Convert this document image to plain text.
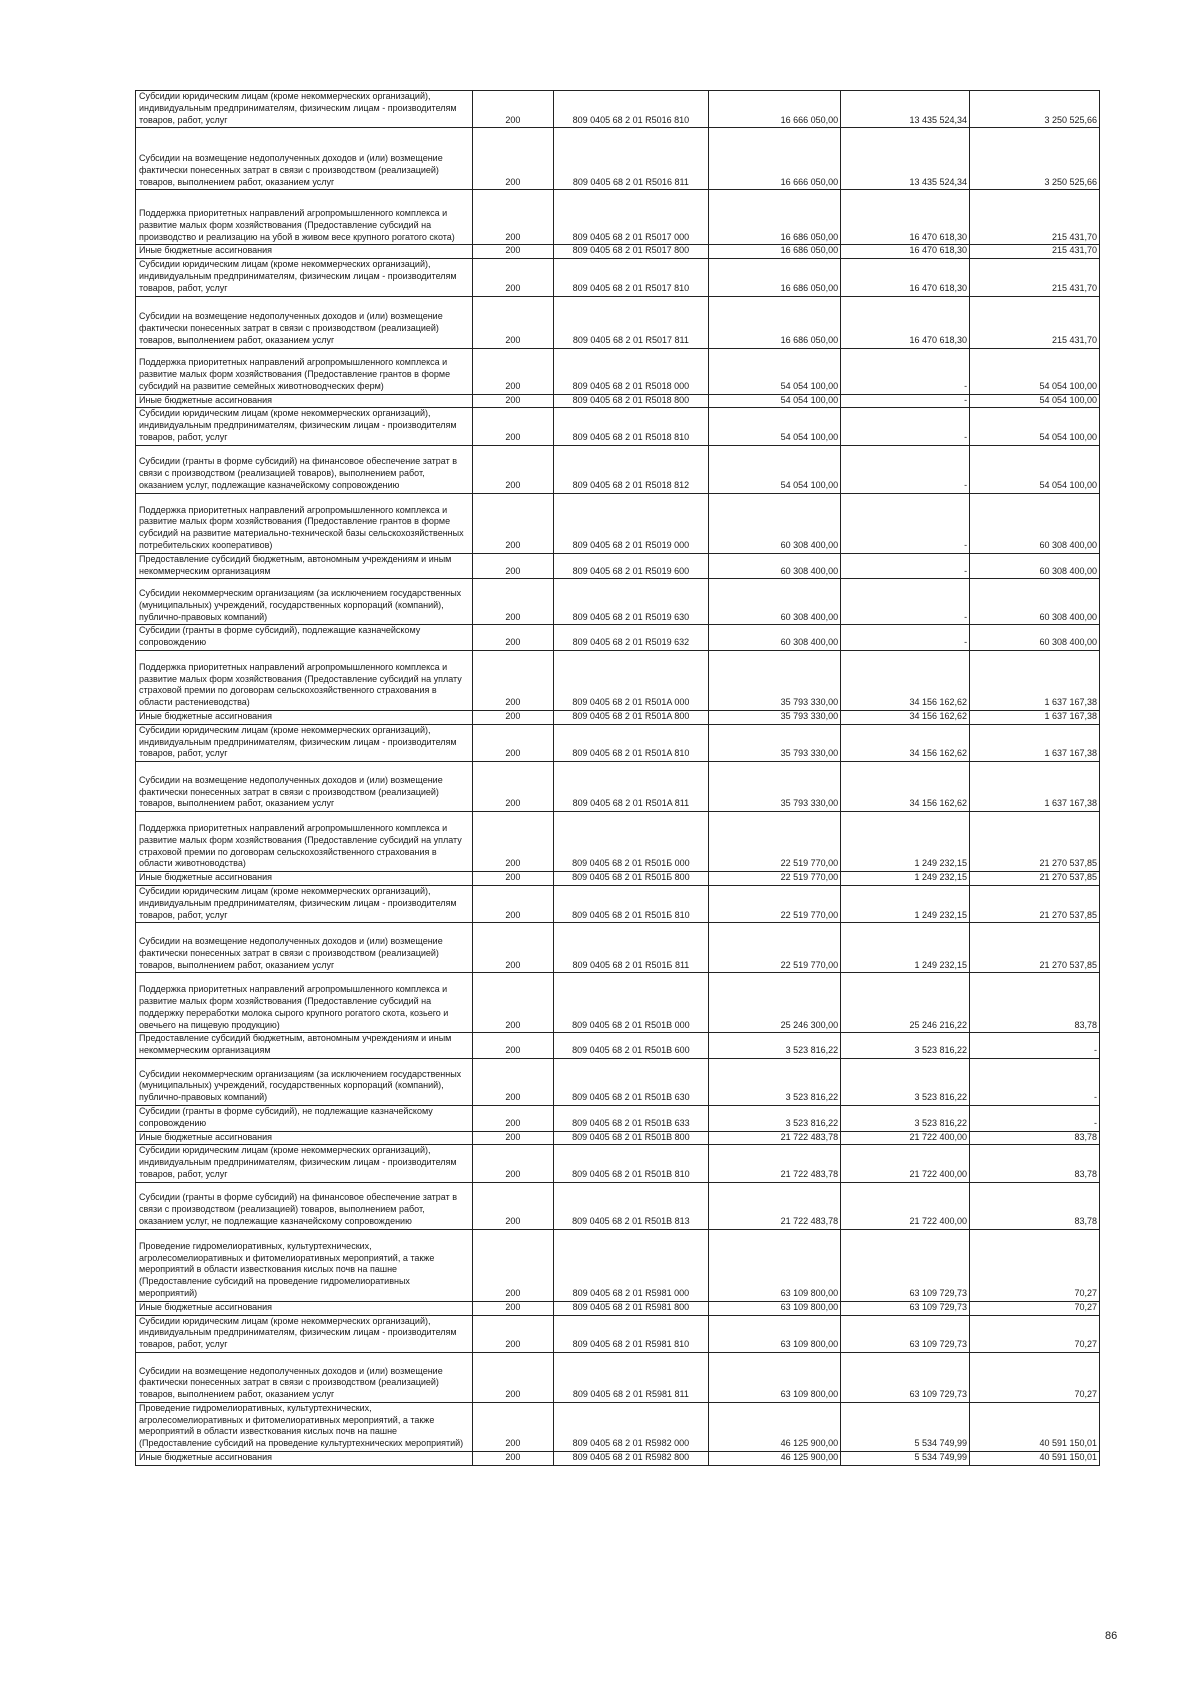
Субсидии юридическим лицам (кроме некоммерческих организаций), индивидуальным предпринимателям, физическим лицам - производителям товаров, работ, услуг	200	809 0405 68 2 01 R5016 810	16 666 050,00	13 435 524,34	3 250 525,66
Субсидии на возмещение недополученных доходов и (или) возмещение фактически понесенных затрат в связи с производством (реализацией) товаров, выполнением работ, оказанием услуг	200	809 0405 68 2 01 R5016 811	16 666 050,00	13 435 524,34	3 250 525,66
Поддержка приоритетных направлений агропромышленного комплекса и развитие малых форм хозяйствования (Предоставление субсидий на производство и реализацию на убой в живом весе крупного рогатого скота)	200	809 0405 68 2 01 R5017 000	16 686 050,00	16 470 618,30	215 431,70
Иные бюджетные ассигнования	200	809 0405 68 2 01 R5017 800	16 686 050,00	16 470 618,30	215 431,70
Субсидии юридическим лицам (кроме некоммерческих организаций), индивидуальным предпринимателям, физическим лицам - производителям товаров, работ, услуг	200	809 0405 68 2 01 R5017 810	16 686 050,00	16 470 618,30	215 431,70
Субсидии на возмещение недополученных доходов и (или) возмещение фактически понесенных затрат в связи с производством (реализацией) товаров, выполнением работ, оказанием услуг	200	809 0405 68 2 01 R5017 811	16 686 050,00	16 470 618,30	215 431,70
Поддержка приоритетных направлений агропромышленного комплекса и развитие малых форм хозяйствования (Предоставление грантов в форме субсидий на развитие семейных животноводческих ферм)	200	809 0405 68 2 01 R5018 000	54 054 100,00	-	54 054 100,00
Иные бюджетные ассигнования	200	809 0405 68 2 01 R5018 800	54 054 100,00	-	54 054 100,00
Субсидии юридическим лицам (кроме некоммерческих организаций), индивидуальным предпринимателям, физическим лицам - производителям товаров, работ, услуг	200	809 0405 68 2 01 R5018 810	54 054 100,00	-	54 054 100,00
Субсидии (гранты в форме субсидий) на финансовое обеспечение затрат в связи с производством (реализацией товаров), выполнением работ, оказанием услуг, подлежащие казначейскому сопровождению	200	809 0405 68 2 01 R5018 812	54 054 100,00	-	54 054 100,00
Поддержка приоритетных направлений агропромышленного комплекса и развитие малых форм хозяйствования (Предоставление грантов в форме субсидий на развитие материально-технической базы сельскохозяйственных потребительских кооперативов)	200	809 0405 68 2 01 R5019 000	60 308 400,00	-	60 308 400,00
Предоставление субсидий бюджетным, автономным учреждениям и иным некоммерческим организациям	200	809 0405 68 2 01 R5019 600	60 308 400,00	-	60 308 400,00
Субсидии некоммерческим организациям (за исключением государственных (муниципальных) учреждений, государственных корпораций (компаний), публично-правовых компаний)	200	809 0405 68 2 01 R5019 630	60 308 400,00	-	60 308 400,00
Субсидии (гранты в форме субсидий), подлежащие казначейскому сопровождению	200	809 0405 68 2 01 R5019 632	60 308 400,00	-	60 308 400,00
Поддержка приоритетных направлений агропромышленного комплекса и развитие малых форм хозяйствования (Предоставление субсидий на уплату страховой премии по договорам сельскохозяйственного страхования в области растениеводства)	200	809 0405 68 2 01 R501A 000	35 793 330,00	34 156 162,62	1 637 167,38
Иные бюджетные ассигнования	200	809 0405 68 2 01 R501A 800	35 793 330,00	34 156 162,62	1 637 167,38
Субсидии юридическим лицам (кроме некоммерческих организаций), индивидуальным предпринимателям, физическим лицам - производителям товаров, работ, услуг	200	809 0405 68 2 01 R501A 810	35 793 330,00	34 156 162,62	1 637 167,38
Субсидии на возмещение недополученных доходов и (или) возмещение фактически понесенных затрат в связи с производством (реализацией) товаров, выполнением работ, оказанием услуг	200	809 0405 68 2 01 R501A 811	35 793 330,00	34 156 162,62	1 637 167,38
Поддержка приоритетных направлений агропромышленного комплекса и развитие малых форм хозяйствования (Предоставление субсидий на уплату страховой премии по договорам сельскохозяйственного страхования в области животноводства)	200	809 0405 68 2 01 R501Б 000	22 519 770,00	1 249 232,15	21 270 537,85
Иные бюджетные ассигнования	200	809 0405 68 2 01 R501Б 800	22 519 770,00	1 249 232,15	21 270 537,85
Субсидии юридическим лицам (кроме некоммерческих организаций), индивидуальным предпринимателям, физическим лицам - производителям товаров, работ, услуг	200	809 0405 68 2 01 R501Б 810	22 519 770,00	1 249 232,15	21 270 537,85
Субсидии на возмещение недополученных доходов и (или) возмещение фактически понесенных затрат в связи с производством (реализацией) товаров, выполнением работ, оказанием услуг	200	809 0405 68 2 01 R501Б 811	22 519 770,00	1 249 232,15	21 270 537,85
Поддержка приоритетных направлений агропромышленного комплекса и развитие малых форм хозяйствования (Предоставление субсидий на поддержку переработки молока сырого крупного рогатого скота, козьего и овечьего на пищевую продукцию)	200	809 0405 68 2 01 R501В 000	25 246 300,00	25 246 216,22	83,78
Предоставление субсидий бюджетным, автономным учреждениям и иным некоммерческим организациям	200	809 0405 68 2 01 R501В 600	3 523 816,22	3 523 816,22	-
Субсидии некоммерческим организациям (за исключением государственных (муниципальных) учреждений, государственных корпораций (компаний), публично-правовых компаний)	200	809 0405 68 2 01 R501В 630	3 523 816,22	3 523 816,22	-
Субсидии (гранты в форме субсидий), не подлежащие казначейскому сопровождению	200	809 0405 68 2 01 R501В 633	3 523 816,22	3 523 816,22	-
Иные бюджетные ассигнования	200	809 0405 68 2 01 R501В 800	21 722 483,78	21 722 400,00	83,78
Субсидии юридическим лицам (кроме некоммерческих организаций), индивидуальным предпринимателям, физическим лицам - производителям товаров, работ, услуг	200	809 0405 68 2 01 R501В 810	21 722 483,78	21 722 400,00	83,78
Субсидии (гранты в форме субсидий) на финансовое обеспечение затрат в связи с производством (реализацией) товаров, выполнением работ, оказанием услуг, не подлежащие казначейскому сопровождению	200	809 0405 68 2 01 R501В 813	21 722 483,78	21 722 400,00	83,78
Проведение гидромелиоративных, культуртехнических, агролесомелиоративных и фитомелиоративных мероприятий, а также мероприятий в области известкования кислых почв на пашне (Предоставление субсидий на проведение гидромелиоративных мероприятий)	200	809 0405 68 2 01 R5981 000	63 109 800,00	63 109 729,73	70,27
Иные бюджетные ассигнования	200	809 0405 68 2 01 R5981 800	63 109 800,00	63 109 729,73	70,27
Субсидии юридическим лицам (кроме некоммерческих организаций), индивидуальным предпринимателям, физическим лицам - производителям товаров, работ, услуг	200	809 0405 68 2 01 R5981 810	63 109 800,00	63 109 729,73	70,27
Субсидии на возмещение недополученных доходов и (или) возмещение фактически понесенных затрат в связи с производством (реализацией) товаров, выполнением работ, оказанием услуг	200	809 0405 68 2 01 R5981 811	63 109 800,00	63 109 729,73	70,27
Проведение гидромелиоративных, культуртехнических, агролесомелиоративных и фитомелиоративных мероприятий, а также мероприятий в области известкования кислых почв на пашне (Предоставление субсидий на проведение культуртехнических мероприятий)	200	809 0405 68 2 01 R5982 000	46 125 900,00	5 534 749,99	40 591 150,01
Иные бюджетные ассигнования	200	809 0405 68 2 01 R5982 800	46 125 900,00	5 534 749,99	40 591 150,01
86
